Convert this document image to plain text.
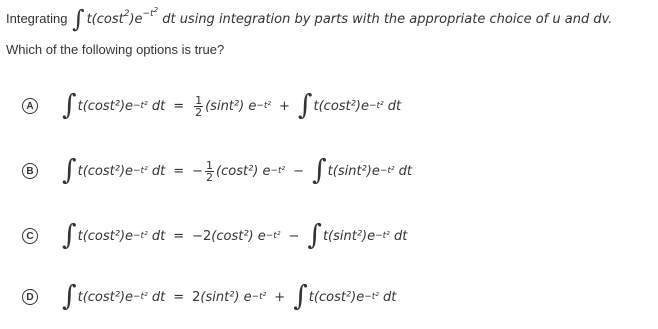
Integrating ∫ $t(\cos t^2)e^{-t^2}$ dt using integration by parts with the appropriate choice of u and dv.
Which of the following options is true?
A ∫ t(cost²)e −t²
dt = $\frac{1}{2} (\sin t^2)$ e −t² + ∫ t(cost²)e −t²
dt
B ∫ t(cost²)e −t²
dt = − $\frac{1}{2} (\cos t^2)$ e −t² − ∫ t(sint²)e −t²
dt
C ∫ t(cost²)e −t²
dt = −2 (cost²) e −t² − ∫ t(sint²)e −t²
dt
D ∫ t(cost²)e −t²
dt = 2 (sint²) e −t² + ∫ t(cost²)e −t²
dt
